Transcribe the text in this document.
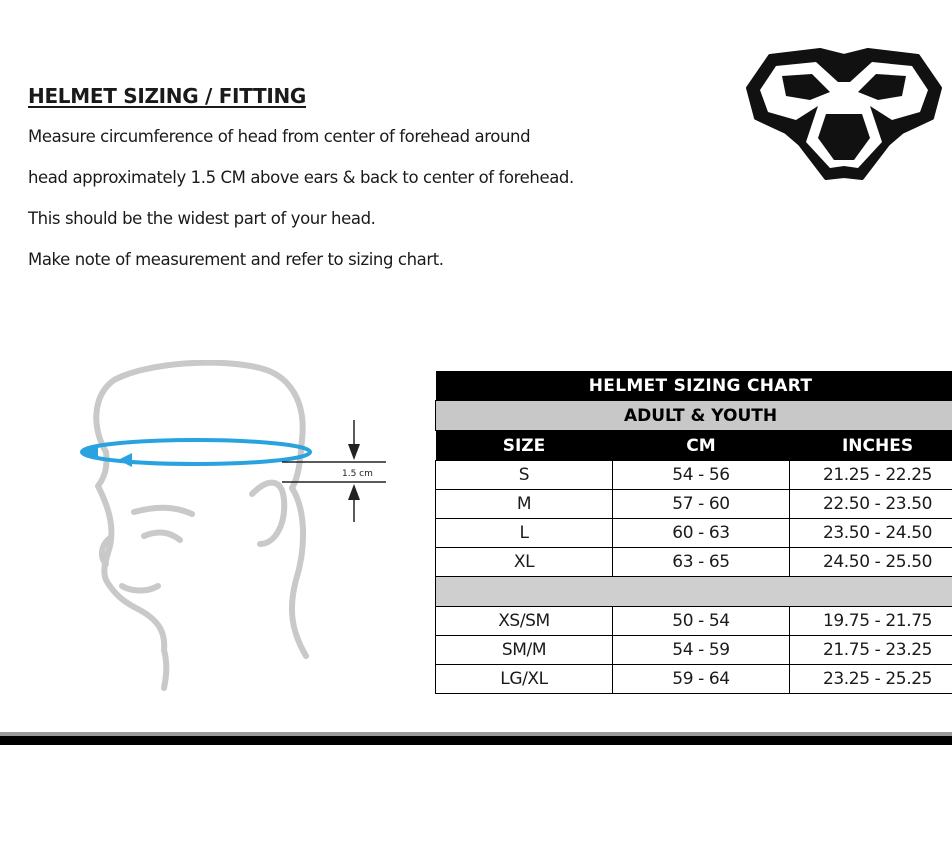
HELMET SIZING / FITTING

Measure circumference of head from center of forehead around

head approximately 1.5 CM above ears & back to center of forehead.

This should be the widest part of your head.

Make note of measurement and refer to sizing chart.

1.5 cm
HELMET SIZING CHART		
ADULT & YOUTH		
SIZE	CM	INCHES
S	54 - 56	21.25 - 22.25
M	57 - 60	22.50 - 23.50
L	60 - 63	23.50 - 24.50
XL	63 - 65	24.50 - 25.50

XS/SM	50 - 54	19.75 - 21.75
SM/M	54 - 59	21.75 - 23.25
LG/XL	59 - 64	23.25 - 25.25
